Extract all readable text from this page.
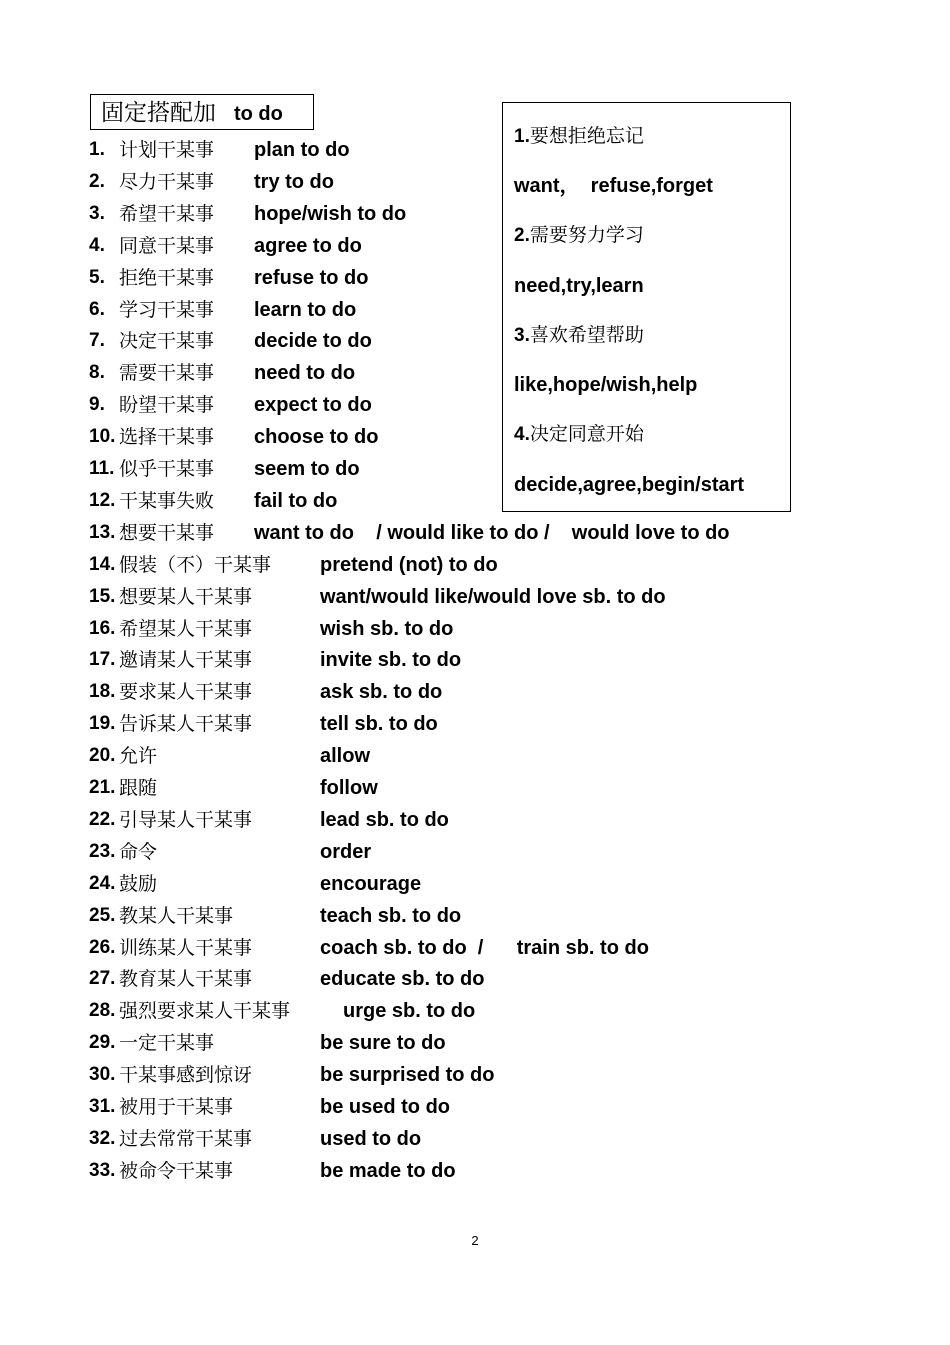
固定搭配加 to do
1. 计划干某事 plan to do
2. 尽力干某事 try to do
3. 希望干某事 hope/wish to do
4. 同意干某事 agree to do
5. 拒绝干某事 refuse to do
6. 学习干某事 learn to do
7. 决定干某事 decide to do
8. 需要干某事 need to do
9. 盼望干某事 expect to do
10. 选择干某事 choose to do
11. 似乎干某事 seem to do
12. 干某事失败 fail to do
13. 想要干某事 want to do    / would like to do /    would love to do
14. 假装（不）干某事 pretend (not) to do
15. 想要某人干某事	want/would like/would love sb. to do
16. 希望某人干某事	wish sb. to do
17. 邀请某人干某事	invite sb. to do
18. 要求某人干某事	ask sb. to do
19. 告诉某人干某事	tell sb. to do
20. 允许	allow
21. 跟随	follow
22. 引导某人干某事	lead sb. to do
23. 命令	order
24. 鼓励	encourage
25. 教某人干某事	teach sb. to do
26. 训练某人干某事	coach sb. to do  /      train sb. to do
27. 教育某人干某事	educate sb. to do
28. 强烈要求某人干某事	urge sb. to do
29. 一定干某事	be sure to do
30. 干某事感到惊讶	be surprised to do
31. 被用于干某事	be used to do
32. 过去常常干某事	used to do
33. 被命令干某事	be made to do
1.要想拒绝忘记
want，  refuse,forget
2.需要努力学习
need,try,learn
3.喜欢希望帮助
like,hope/wish,help
4.决定同意开始
decide,agree,begin/start
2
